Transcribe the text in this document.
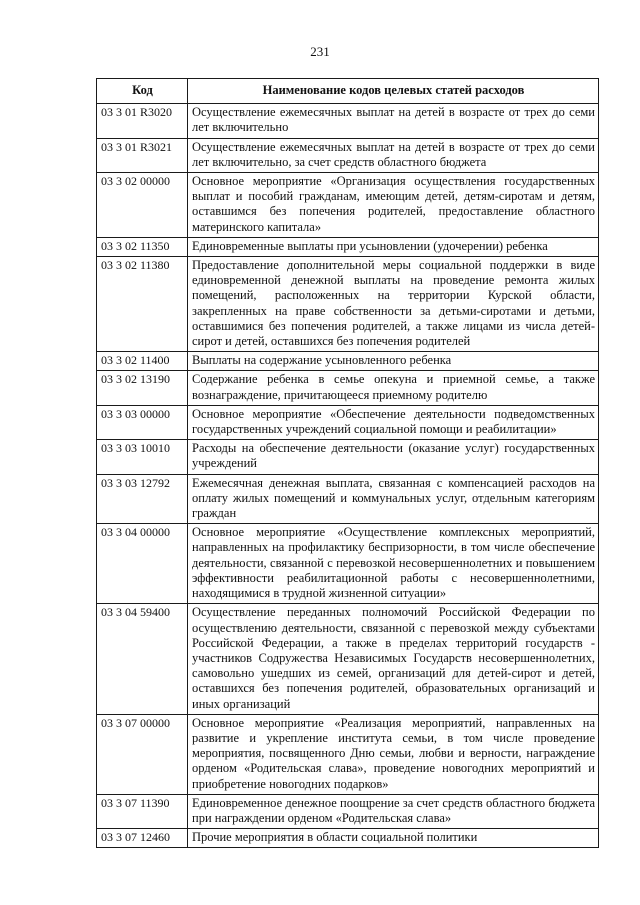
231
Код	Наименование кодов целевых статей расходов
03 3 01 R3020	Осуществление ежемесячных выплат на детей в возрасте от трех до семи лет включительно
03 3 01 R3021	Осуществление ежемесячных выплат на детей в возрасте от трех до семи лет включительно, за счет средств областного бюджета
03 3 02 00000	Основное мероприятие «Организация осуществления государственных выплат и пособий гражданам, имеющим детей, детям-сиротам и детям, оставшимся без попечения родителей, предоставление областного материнского капитала»
03 3 02 11350	Единовременные выплаты при усыновлении (удочерении) ребенка
03 3 02 11380	Предоставление дополнительной меры социальной поддержки в виде единовременной денежной выплаты на проведение ремонта жилых помещений, расположенных на территории Курской области, закрепленных на праве собственности за детьми-сиротами и детьми, оставшимися без попечения родителей, а также лицами из числа детей-сирот и детей, оставшихся без попечения родителей
03 3 02 11400	Выплаты на содержание усыновленного ребенка
03 3 02 13190	Содержание ребенка в семье опекуна и приемной семье, а также вознаграждение, причитающееся приемному родителю
03 3 03 00000	Основное мероприятие «Обеспечение деятельности подведомственных государственных учреждений социальной помощи и реабилитации»
03 3 03 10010	Расходы на обеспечение деятельности (оказание услуг) государственных учреждений
03 3 03 12792	Ежемесячная денежная выплата, связанная с компенсацией расходов на оплату жилых помещений и коммунальных услуг, отдельным категориям граждан
03 3 04 00000	Основное мероприятие «Осуществление комплексных мероприятий, направленных на профилактику беспризорности, в том числе обеспечение деятельности, связанной с перевозкой несовершеннолетних и повышением эффективности реабилитационной работы с несовершеннолетними, находящимися в трудной жизненной ситуации»
03 3 04 59400	Осуществление переданных полномочий Российской Федерации по осуществлению деятельности, связанной с перевозкой между субъектами Российской Федерации, а также в пределах территорий государств - участников Содружества Независимых Государств несовершеннолетних, самовольно ушедших из семей, организаций для детей-сирот и детей, оставшихся без попечения родителей, образовательных организаций и иных организаций
03 3 07 00000	Основное мероприятие «Реализация мероприятий, направленных на развитие и укрепление института семьи, в том числе проведение мероприятия, посвященного Дню семьи, любви и верности, награждение орденом «Родительская слава», проведение новогодних мероприятий и приобретение новогодних подарков»
03 3 07 11390	Единовременное денежное поощрение за счет средств областного бюджета при награждении орденом «Родительская слава»
03 3 07 12460	Прочие мероприятия в области социальной политики
